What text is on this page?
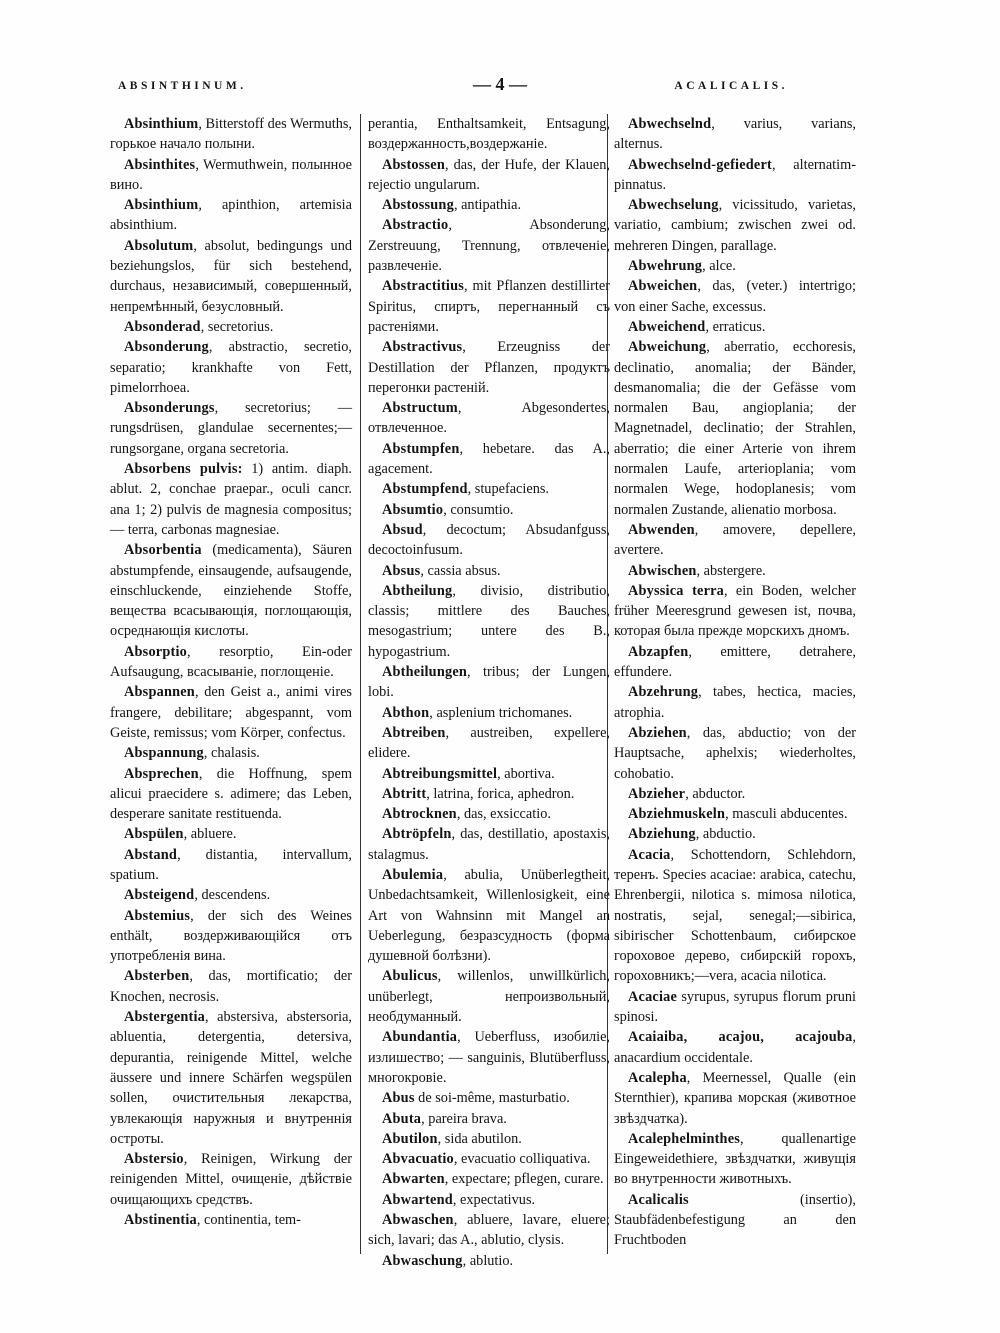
ABSINTHINUM.	— 4 —	ACALICALIS.

Absinthium, Bitterstoff des Wermuths, горькое начало полыни.

Absinthites, Wermuthwein, полынное вино.

Absinthium, apinthion, artemisia absinthium.

Absolutum, absolut, bedingungs und beziehungslos, für sich bestehend, durchaus, независимый, совершенный, непремѣнный, безусловный.

Absonderad, secretorius.

Absonderung, abstractio, secretio, separatio; krankhafte von Fett, pimelorrhoea.

Absonderungs, secretorius; —rungsdrüsen, glandulae secernentes;—rungsorgane, organa secretoria.

Absorbens pulvis: 1) antim. diaph. ablut. 2, conchae praepar., oculi cancr. ana 1; 2) pulvis de magnesia compositus;— terra, carbonas magnesiae.

Absorbentia (medicamenta), Säuren abstumpfende, einsaugende, aufsaugende, einschluckende, einziehende Stoffe, вещества всасывающія, поглощающія, осреднающія кислоты.

Absorptio, resorptio, Ein-oder Aufsaugung, всасываніе, поглощеніе.

Abspannen, den Geist a., animi vires frangere, debilitare; abgespannt, vom Geiste, remissus; vom Körper, confectus.

Abspannung, chalasis.

Absprechen, die Hoffnung, spem alicui praecidere s. adimere; das Leben, desperare sanitate restituenda.

Abspülen, abluere.

Abstand, distantia, intervallum, spatium.

Absteigend, descendens.

Abstemius, der sich des Weines enthält, воздерживающійся отъ употребленія вина.

Absterben, das, mortificatio; der Knochen, necrosis.

Abstergentia, abstersiva, abstersoria, abluentia, detergentia, detersiva, depurantia, reinigende Mittel, welche äussere und innere Schärfen wegspülen sollen, очистительныя лекарства, увлекающія наружныя и внутреннія остроты.

Abstersio, Reinigen, Wirkung der reinigenden Mittel, очищеніе, дѣйствіе очищающихъ средствъ.

Abstinentia, continentia, tem-

perantia, Enthaltsamkeit, Entsagung, воздержанность,воздержаніе.

Abstossen, das, der Hufe, der Klauen, rejectio ungularum.

Abstossung, antipathia.

Abstractio, Absonderung, Zerstreuung, Trennung, отвлеченіе, развлеченіе.

Abstractitius, mit Pflanzen destillirter Spiritus, спиртъ, перегнанный съ растеніями.

Abstractivus, Erzeugniss der Destillation der Pflanzen, продуктъ перегонки растеній.

Abstructum, Abgesondertes, отвлеченное.

Abstumpfen, hebetare. das A., agacement.

Abstumpfend, stupefaciens.

Absumtio, consumtio.

Absud, decoctum; Absudanfguss, decoctoinfusum.

Absus, cassia absus.

Abtheilung, divisio, distributio, classis; mittlere des Bauches, mesogastrium; untere des B., hypogastrium.

Abtheilungen, tribus; der Lungen, lobi.

Abthon, asplenium trichomanes.

Abtreiben, austreiben, expellere, elidere.

Abtreibungsmittel, abortiva.

Abtritt, latrina, forica, aphedron.

Abtrocknen, das, exsiccatio.

Abtröpfeln, das, destillatio, apostaxis, stalagmus.

Abulemia, abulia, Unüberlegtheit, Unbedachtsamkeit, Willenlosigkeit, eine Art von Wahnsinn mit Mangel an Ueberlegung, безразсудность (форма душевной болѣзни).

Abulicus, willenlos, unwillkürlich, unüberlegt, непроизвольный, необдуманный.

Abundantia, Ueberfluss, изобиліе, излишество; — sanguinis, Blutüberfluss, многокровіе.

Abus de soi-même, masturbatio.

Abuta, pareira brava.

Abutilon, sida abutilon.

Abvacuatio, evacuatio colliquativa.

Abwarten, expectare; pflegen, curare.

Abwartend, expectativus.

Abwaschen, abluere, lavare, eluere; sich, lavari; das A., ablutio, clysis.

Abwaschung, ablutio.

Abwechselnd, varius, varians, alternus.

Abwechselnd-gefiedert, alternatim-pinnatus.

Abwechselung, vicissitudo, varietas, variatio, cambium; zwischen zwei od. mehreren Dingen, parallage.

Abwehrung, alce.

Abweichen, das, (veter.) intertrigo; von einer Sache, excessus.

Abweichend, erraticus.

Abweichung, aberratio, ecchoresis, declinatio, anomalia; der Bänder, desmanomalia; die der Gefässe vom normalen Bau, angioplania; der Magnetnadel, declinatio; der Strahlen, aberratio; die einer Arterie von ihrem normalen Laufe, arterioplania; vom normalen Wege, hodoplanesis; vom normalen Zustande, alienatio morbosa.

Abwenden, amovere, depellere, avertere.

Abwischen, abstergere.

Abyssica terra, ein Boden, welcher früher Meeresgrund gewesen ist, почва, которая была прежде морскихъ дномъ.

Abzapfen, emittere, detrahere, effundere.

Abzehrung, tabes, hectica, macies, atrophia.

Abziehen, das, abductio; von der Hauptsache, aphelxis; wiederholtes, cohobatio.

Abzieher, abductor.

Abziehmuskeln, masculi abducentes.

Abziehung, abductio.

Acacia, Schottendorn, Schlehdorn, теренъ. Species acaciae: arabica, catechu, Ehrenbergii, nilotica s. mimosa nilotica, nostratis, sejal, senegal;—sibirica, sibirischer Schottenbaum, сибирское гороховое дерево, сибирскій горохъ, гороховникъ;—vera, acacia nilotica.

Acaciae syrupus, syrupus florum pruni spinosi.

Acaiaiba, acajou, acajouba, anacardium occidentale.

Acalepha, Meernessel, Qualle (ein Sternthier), крапива морская (животное звѣздчатка).

Acalephelminthes, quallenartige Eingeweidethiere, звѣздчатки, живущія во внутренности животныхъ.

Acalicalis (insertio), Staubfädenbefestigung an den Fruchtboden
